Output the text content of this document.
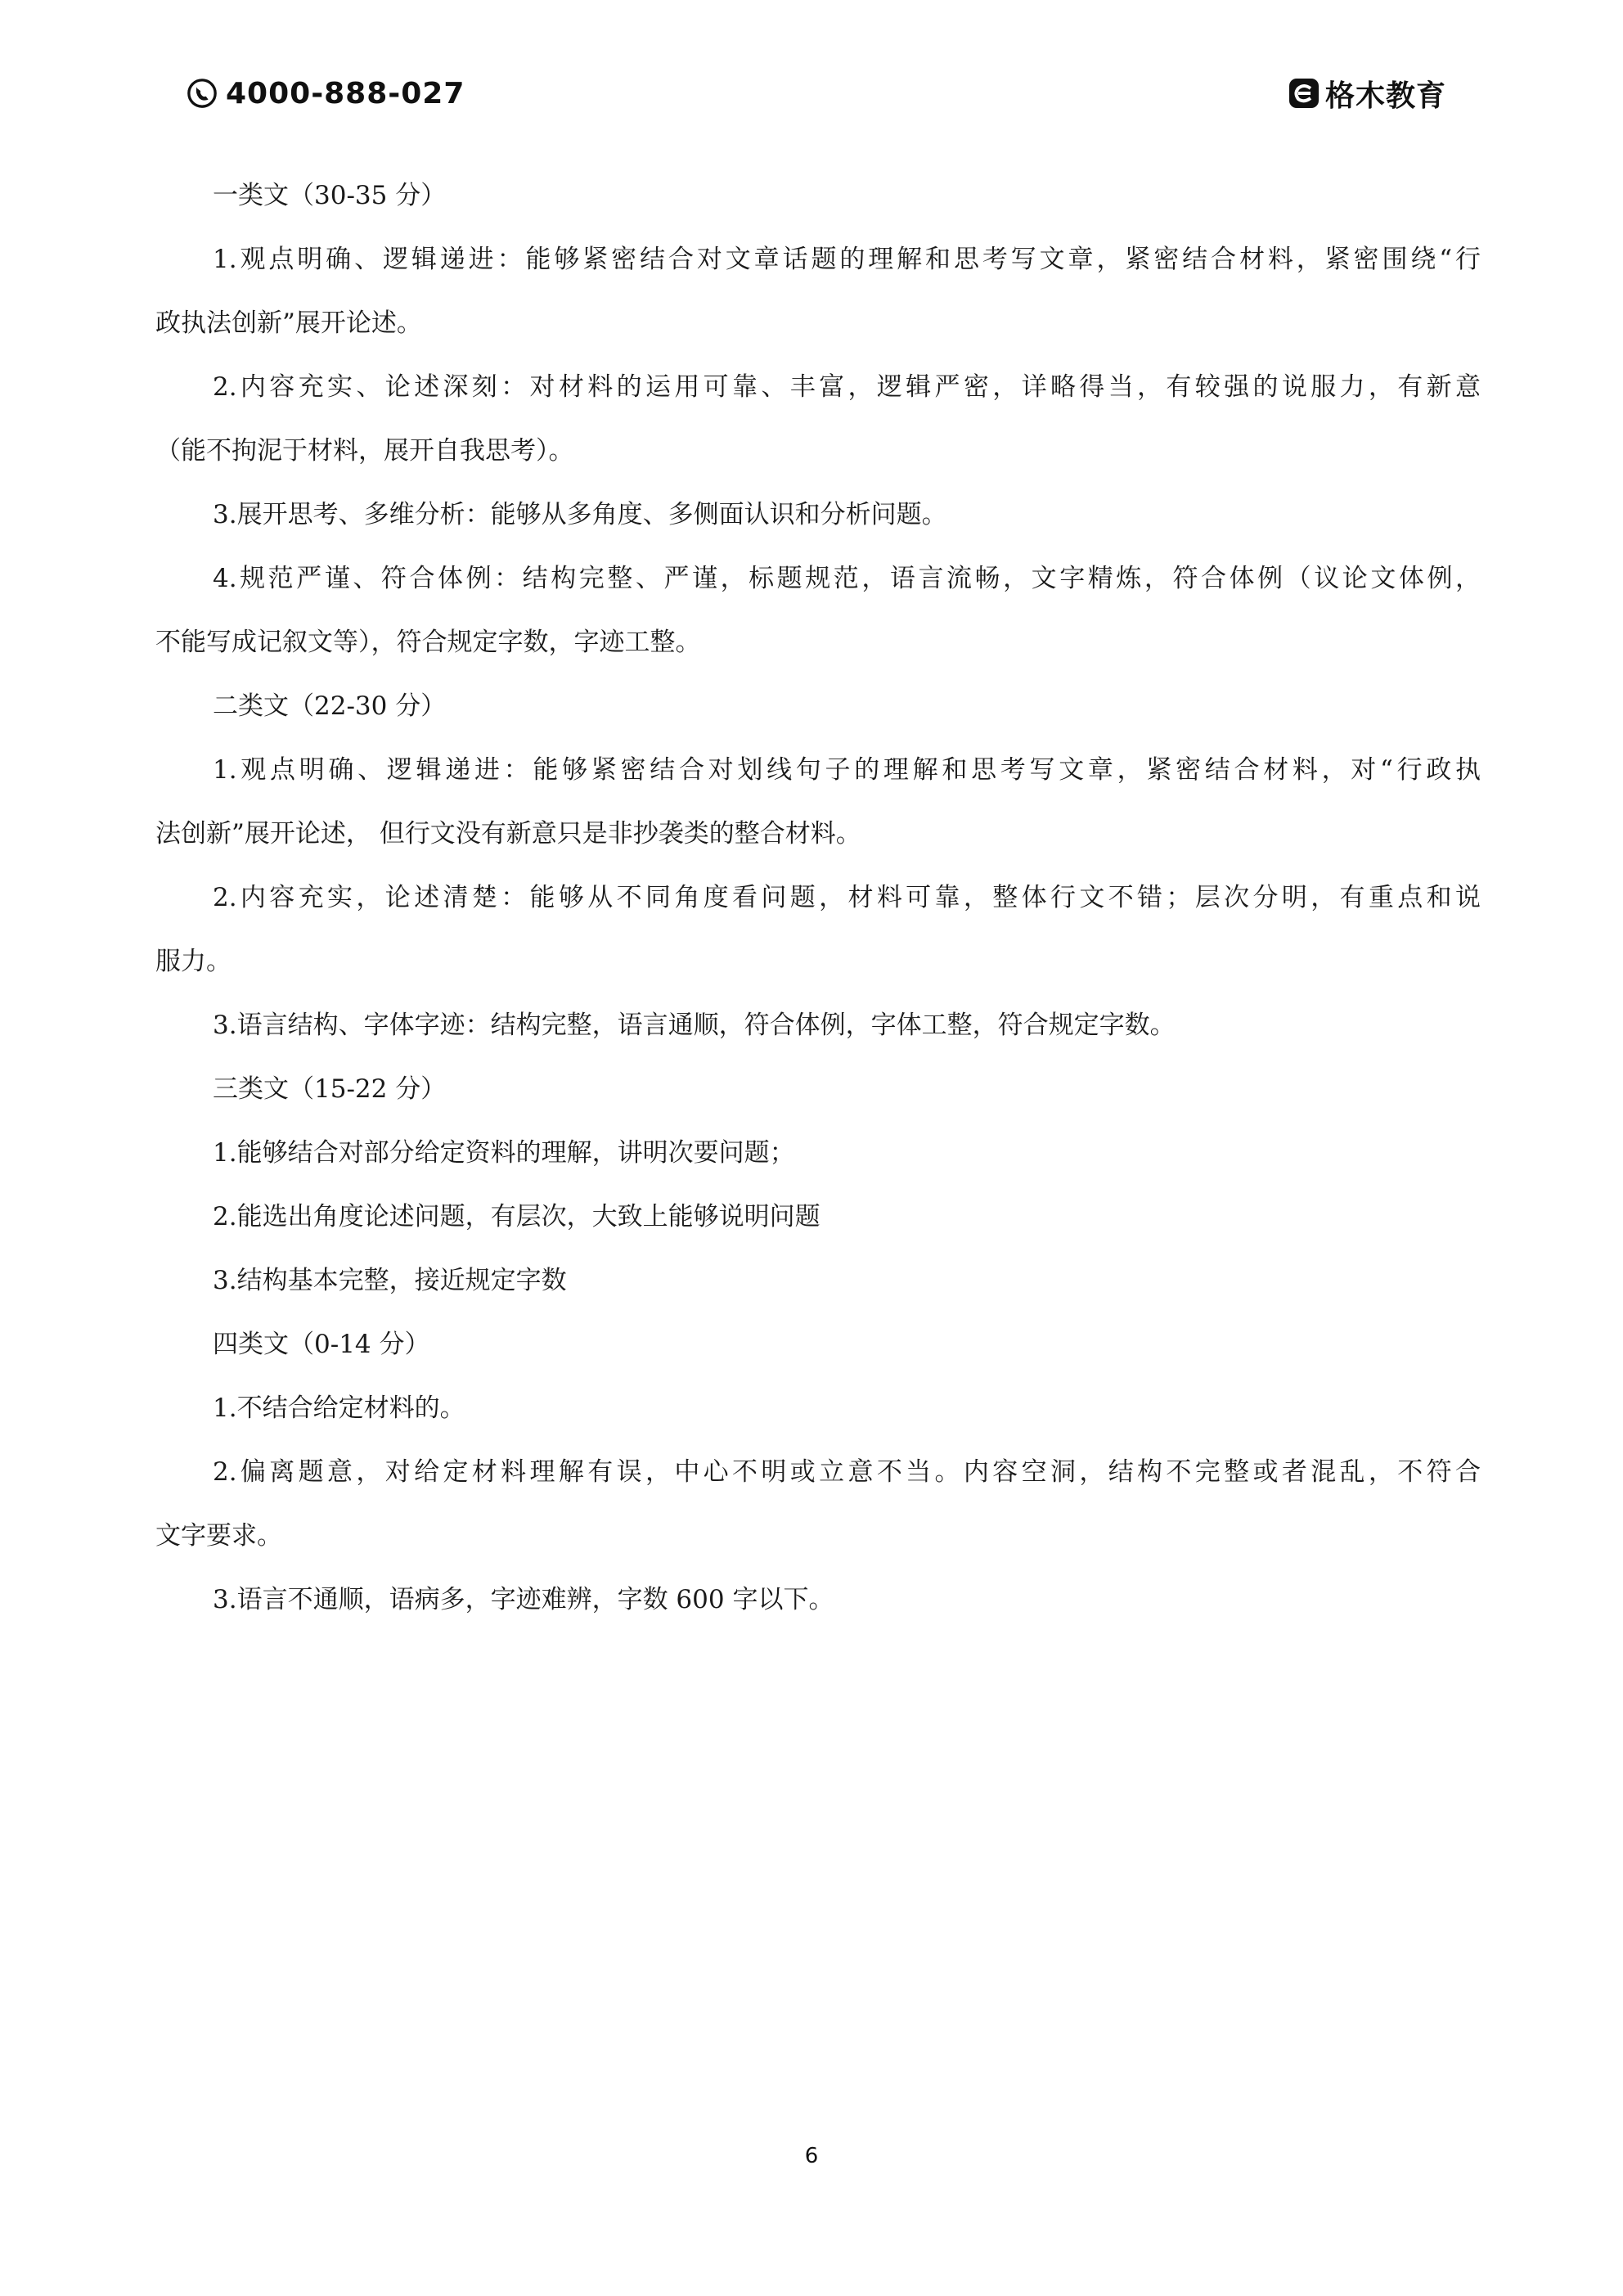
4000-888-027	格木教育

一类文（30-35 分）

1.观点明确、逻辑递进：能够紧密结合对文章话题的理解和思考写文章，紧密结合材料，紧密围绕“行

政执法创新”展开论述。

2.内容充实、论述深刻：对材料的运用可靠、丰富，逻辑严密，详略得当，有较强的说服力，有新意

（能不拘泥于材料，展开自我思考）。

3.展开思考、多维分析：能够从多角度、多侧面认识和分析问题。

4.规范严谨、符合体例：结构完整、严谨，标题规范，语言流畅，文字精炼，符合体例（议论文体例，

不能写成记叙文等），符合规定字数，字迹工整。

二类文（22-30 分）

1.观点明确、逻辑递进：能够紧密结合对划线句子的理解和思考写文章，紧密结合材料，对“行政执

法创新”展开论述， 但行文没有新意只是非抄袭类的整合材料。

2.内容充实，论述清楚：能够从不同角度看问题，材料可靠，整体行文不错；层次分明，有重点和说

服力。

3.语言结构、字体字迹：结构完整，语言通顺，符合体例，字体工整，符合规定字数。

三类文（15-22 分）

1.能够结合对部分给定资料的理解，讲明次要问题；

2.能选出角度论述问题，有层次，大致上能够说明问题

3.结构基本完整，接近规定字数

四类文（0-14 分）

1.不结合给定材料的。

2.偏离题意，对给定材料理解有误，中心不明或立意不当。内容空洞，结构不完整或者混乱，不符合

文字要求。

3.语言不通顺，语病多，字迹难辨，字数 600 字以下。

6
